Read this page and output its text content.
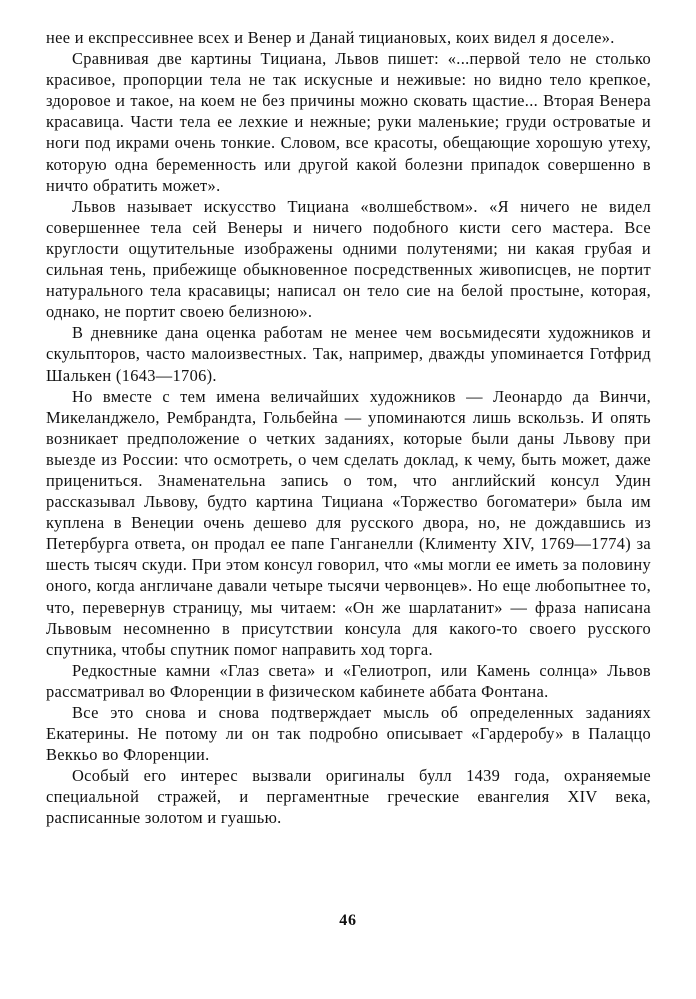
нее и експрессивнее всех и Венер и Данай тициановых, коих видел я доселе».

Сравнивая две картины Тициана, Львов пишет: «...первой тело не столько красивое, пропорции тела не так искусные и неживые: но видно тело крепкое, здоровое и такое, на коем не без причины можно сковать щастие... Вторая Венера красавица. Части тела ее лехкие и нежные; руки маленькие; груди островатые и ноги под икрами очень тонкие. Словом, все красоты, обещающие хорошую утеху, которую одна беременность или другой какой болезни припадок совершенно в ничто обратить может».

Львов называет искусство Тициана «волшебством». «Я ничего не видел совершеннее тела сей Венеры и ничего подобного кисти сего мастера. Все круглости ощутительные изображены одними полутенями; ни какая грубая и сильная тень, прибежище обыкновенное посредственных живописцев, не портит натурального тела красавицы; написал он тело сие на белой простыне, которая, однако, не портит своею белизною».

В дневнике дана оценка работам не менее чем восьмидесяти художников и скульпторов, часто малоизвестных. Так, например, дважды упоминается Готфрид Шалькен (1643—1706).

Но вместе с тем имена величайших художников — Леонардо да Винчи, Микеланджело, Рембрандта, Гольбейна — упоминаются лишь вскользь. И опять возникает предположение о четких заданиях, которые были даны Львову при выезде из России: что осмотреть, о чем сделать доклад, к чему, быть может, даже прицениться. Знаменательна запись о том, что английский консул Удин рассказывал Львову, будто картина Тициана «Торжество богоматери» была им куплена в Венеции очень дешево для русского двора, но, не дождавшись из Петербурга ответа, он продал ее папе Ганганелли (Клименту XIV, 1769—1774) за шесть тысяч скуди. При этом консул говорил, что «мы могли ее иметь за половину оного, когда англичане давали четыре тысячи червонцев». Но еще любопытнее то, что, перевернув страницу, мы читаем: «Он же шарлатанит» — фраза написана Львовым несомненно в присутствии консула для какого-то своего русского спутника, чтобы спутник помог направить ход торга.

Редкостные камни «Глаз света» и «Гелиотроп, или Камень солнца» Львов рассматривал во Флоренции в физическом кабинете аббата Фонтана.

Все это снова и снова подтверждает мысль об определенных заданиях Екатерины. Не потому ли он так подробно описывает «Гардеробу» в Палаццо Веккьо во Флоренции.

Особый его интерес вызвали оригиналы булл 1439 года, охраняемые специальной стражей, и пергаментные греческие евангелия XIV века, расписанные золотом и гуашью.

46
